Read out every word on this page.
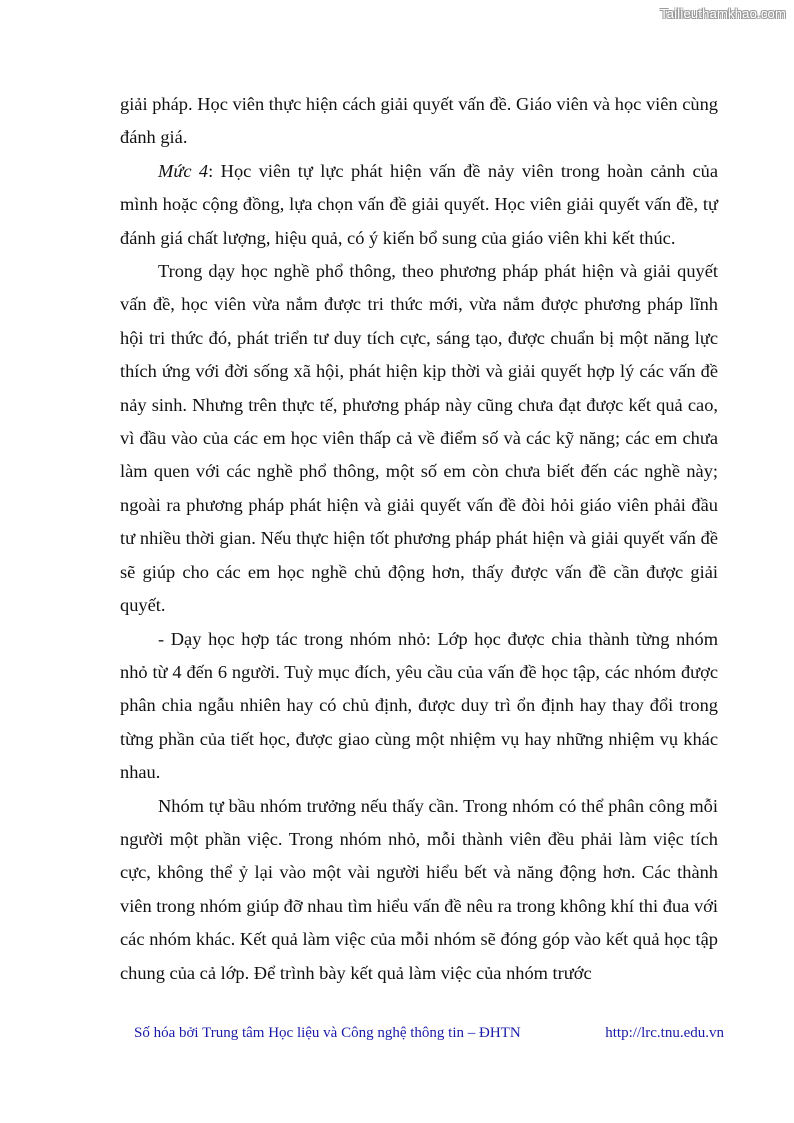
Tailieuthamkhao.com

giải pháp. Học viên thực hiện cách giải quyết vấn đề. Giáo viên và học viên cùng đánh giá.

Mức 4: Học viên tự lực phát hiện vấn đề nảy viên trong hoàn cảnh của mình hoặc cộng đồng, lựa chọn vấn đề giải quyết. Học viên giải quyết vấn đề, tự đánh giá chất lượng, hiệu quả, có ý kiến bổ sung của giáo viên khi kết thúc.

Trong dạy học nghề phổ thông, theo phương pháp phát hiện và giải quyết vấn đề, học viên vừa nắm được tri thức mới, vừa nắm được phương pháp lĩnh hội tri thức đó, phát triển tư duy tích cực, sáng tạo, được chuẩn bị một năng lực thích ứng với đời sống xã hội, phát hiện kịp thời và giải quyết hợp lý các vấn đề nảy sinh. Nhưng trên thực tế, phương pháp này cũng chưa đạt được kết quả cao, vì đầu vào của các em học viên thấp cả về điểm số và các kỹ năng; các em chưa làm quen với các nghề phổ thông, một số em còn chưa biết đến các nghề này; ngoài ra phương pháp phát hiện và giải quyết vấn đề đòi hỏi giáo viên phải đầu tư nhiều thời gian. Nếu thực hiện tốt phương pháp phát hiện và giải quyết vấn đề sẽ giúp cho các em học nghề chủ động hơn, thấy được vấn đề cần được giải quyết.

- Dạy học hợp tác trong nhóm nhỏ: Lớp học được chia thành từng nhóm nhỏ từ 4 đến 6 người. Tuỳ mục đích, yêu cầu của vấn đề học tập, các nhóm được phân chia ngẫu nhiên hay có chủ định, được duy trì ổn định hay thay đổi trong từng phần của tiết học, được giao cùng một nhiệm vụ hay những nhiệm vụ khác nhau.

Nhóm tự bầu nhóm trưởng nếu thấy cần. Trong nhóm có thể phân công mỗi người một phần việc. Trong nhóm nhỏ, mỗi thành viên đều phải làm việc tích cực, không thể ỷ lại vào một vài người hiểu bết và năng động hơn. Các thành viên trong nhóm giúp đỡ nhau tìm hiểu vấn đề nêu ra trong không khí thi đua với các nhóm khác. Kết quả làm việc của mỗi nhóm sẽ đóng góp vào kết quả học tập chung của cả lớp. Để trình bày kết quả làm việc của nhóm trước

Số hóa bởi Trung tâm Học liệu và Công nghệ thông tin – ĐHTN	http://lrc.tnu.edu.vn
